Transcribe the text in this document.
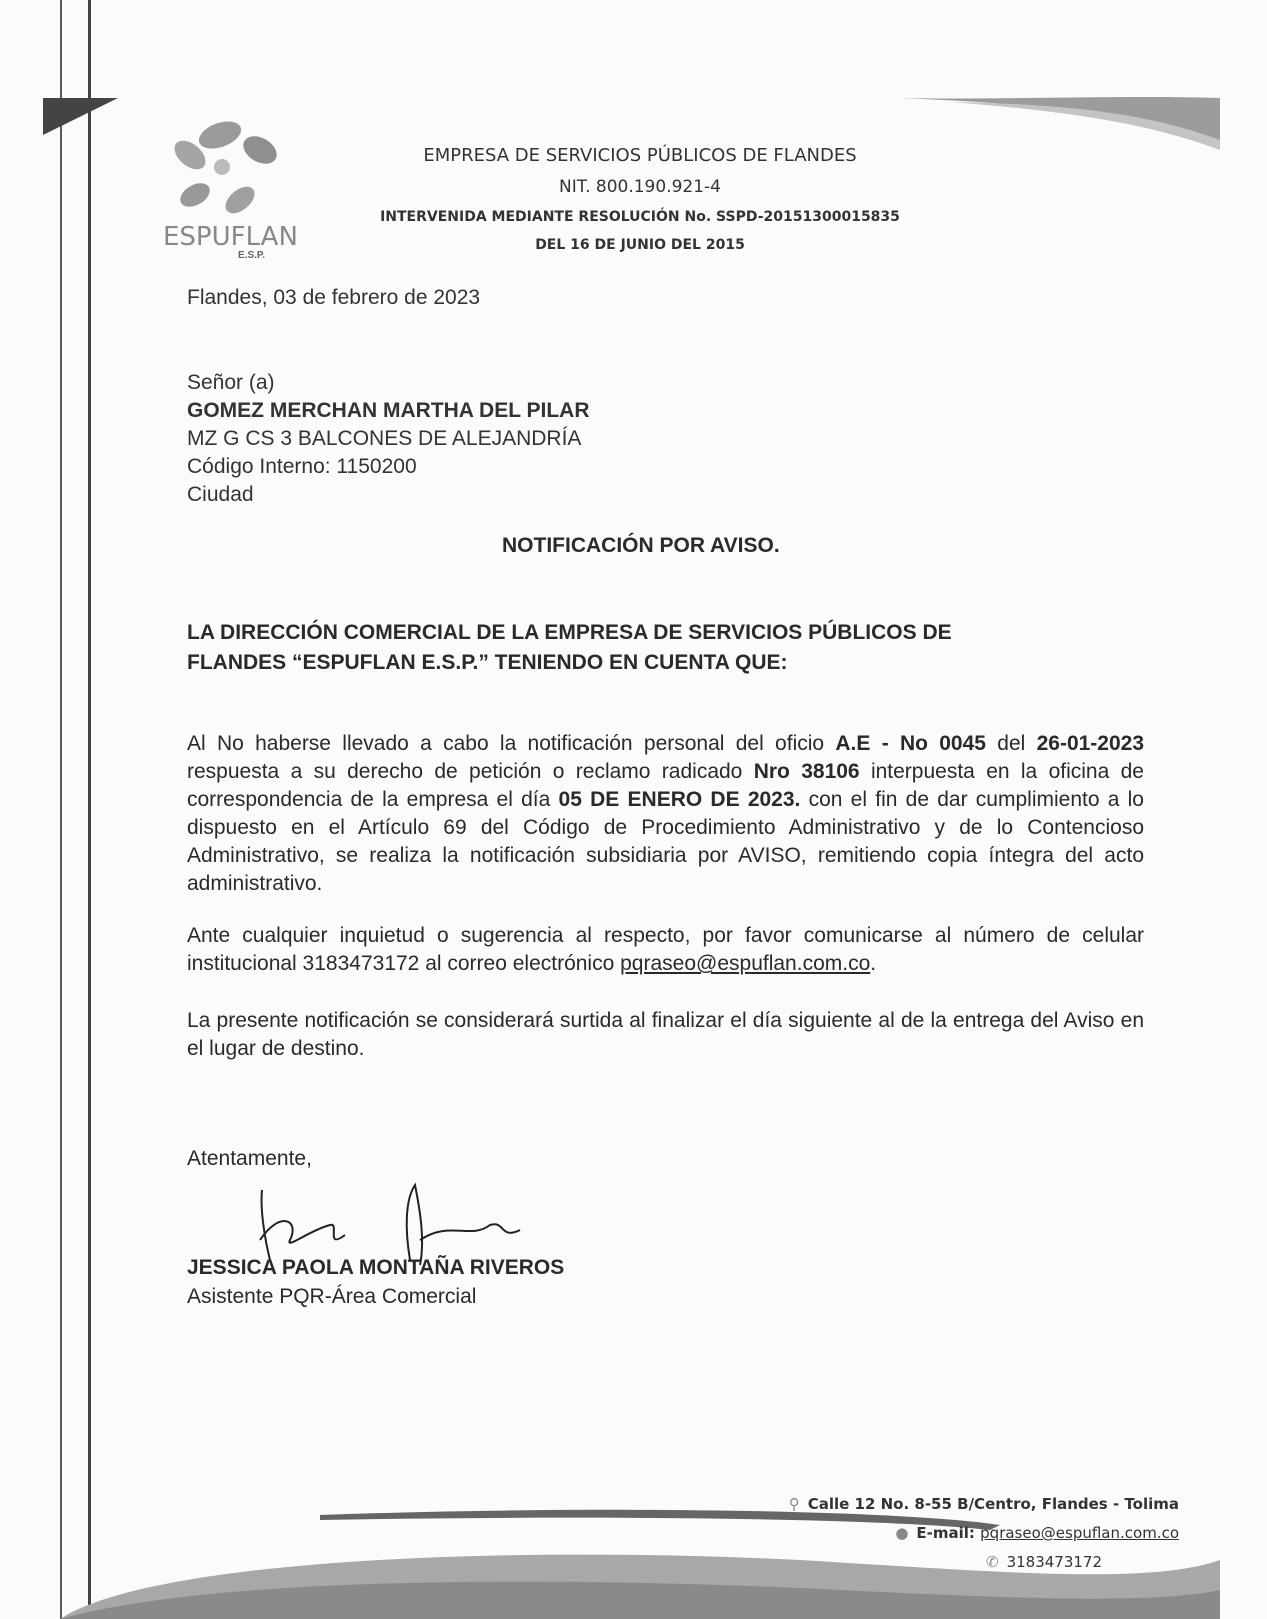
ESPUFLAN
E.S.P.
EMPRESA DE SERVICIOS PÚBLICOS DE FLANDES
NIT. 800.190.921-4
INTERVENIDA MEDIANTE RESOLUCIÓN No. SSPD-20151300015835
DEL 16 DE JUNIO DEL 2015
Flandes, 03 de febrero de 2023
Señor (a)
GOMEZ MERCHAN MARTHA DEL PILAR
MZ G CS 3 BALCONES DE ALEJANDRÍA
Código Interno: 1150200
Ciudad
NOTIFICACIÓN POR AVISO.
LA DIRECCIÓN COMERCIAL DE LA EMPRESA DE SERVICIOS PÚBLICOS DE
FLANDES “ESPUFLAN E.S.P.” TENIENDO EN CUENTA QUE:
Al No haberse llevado a cabo la notificación personal del oficio A.E - No 0045 del 26-01-2023 respuesta a su derecho de petición o reclamo radicado Nro 38106 interpuesta en la oficina de correspondencia de la empresa el día 05 DE ENERO DE 2023. con el fin de dar cumplimiento a lo dispuesto en el Artículo 69 del Código de Procedimiento Administrativo y de lo Contencioso Administrativo, se realiza la notificación subsidiaria por AVISO, remitiendo copia íntegra del acto administrativo.
Ante cualquier inquietud o sugerencia al respecto, por favor comunicarse al número de celular institucional 3183473172 al correo electrónico pqraseo@espuflan.com.co.
La presente notificación se considerará surtida al finalizar el día siguiente al de la entrega del Aviso en el lugar de destino.
Atentamente,
JESSICA PAOLA MONTAÑA RIVEROS
Asistente PQR-Área Comercial
⚲ Calle 12 No. 8-55 B/Centro, Flandes - Tolima
● E-mail: pqraseo@espuflan.com.co
✆ 3183473172
